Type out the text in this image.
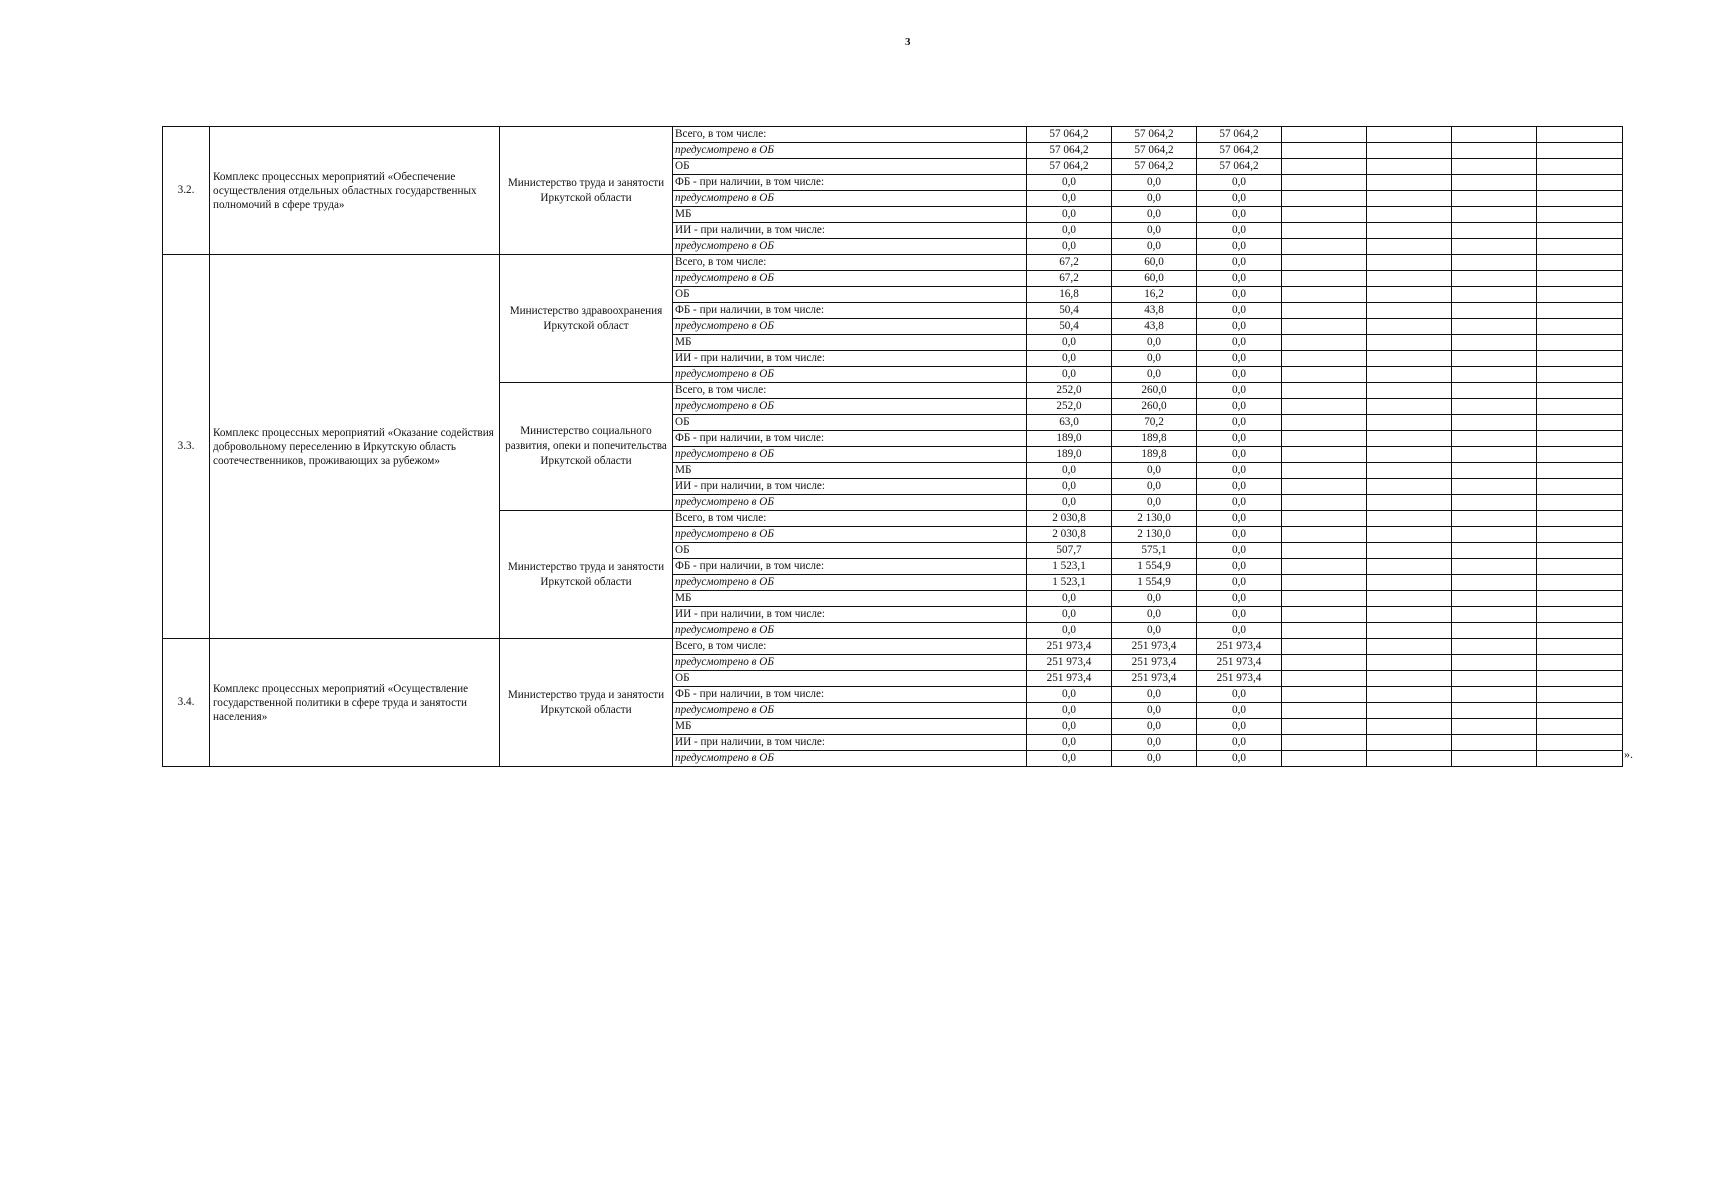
3
3.2.	Комплекс процессных мероприятий «Обеспечение осуществления отдельных областных государственных полномочий в сфере труда»	Министерство труда и занятости Иркутской области	Всего, в том числе:	57 064,2	57 064,2	57 064,2				
			предусмотрено в ОБ	57 064,2	57 064,2	57 064,2				
			ОБ	57 064,2	57 064,2	57 064,2				
			ФБ - при наличии, в том числе:	0,0	0,0	0,0				
			предусмотрено в ОБ	0,0	0,0	0,0				
			МБ	0,0	0,0	0,0				
			ИИ - при наличии, в том числе:	0,0	0,0	0,0				
			предусмотрено в ОБ	0,0	0,0	0,0				
3.3.	Комплекс процессных мероприятий «Оказание содействия добровольному переселению в Иркутскую область соотечественников, проживающих за рубежом»	Министерство здравоохранения Иркутской област	Всего, в том числе:	67,2	60,0	0,0				
			предусмотрено в ОБ	67,2	60,0	0,0				
			ОБ	16,8	16,2	0,0				
			ФБ - при наличии, в том числе:	50,4	43,8	0,0				
			предусмотрено в ОБ	50,4	43,8	0,0				
			МБ	0,0	0,0	0,0				
			ИИ - при наличии, в том числе:	0,0	0,0	0,0				
			предусмотрено в ОБ	0,0	0,0	0,0				
		Министерство социального развития, опеки и попечительства Иркутской области	Всего, в том числе:	252,0	260,0	0,0				
			предусмотрено в ОБ	252,0	260,0	0,0				
			ОБ	63,0	70,2	0,0				
			ФБ - при наличии, в том числе:	189,0	189,8	0,0				
			предусмотрено в ОБ	189,0	189,8	0,0				
			МБ	0,0	0,0	0,0				
			ИИ - при наличии, в том числе:	0,0	0,0	0,0				
			предусмотрено в ОБ	0,0	0,0	0,0				
		Министерство труда и занятости Иркутской области	Всего, в том числе:	2 030,8	2 130,0	0,0				
			предусмотрено в ОБ	2 030,8	2 130,0	0,0				
			ОБ	507,7	575,1	0,0				
			ФБ - при наличии, в том числе:	1 523,1	1 554,9	0,0				
			предусмотрено в ОБ	1 523,1	1 554,9	0,0				
			МБ	0,0	0,0	0,0				
			ИИ - при наличии, в том числе:	0,0	0,0	0,0				
			предусмотрено в ОБ	0,0	0,0	0,0				
3.4.	Комплекс процессных мероприятий «Осуществление государственной политики в сфере труда и занятости населения»	Министерство труда и занятости Иркутской области	Всего, в том числе:	251 973,4	251 973,4	251 973,4				
			предусмотрено в ОБ	251 973,4	251 973,4	251 973,4				
			ОБ	251 973,4	251 973,4	251 973,4				
			ФБ - при наличии, в том числе:	0,0	0,0	0,0				
			предусмотрено в ОБ	0,0	0,0	0,0				
			МБ	0,0	0,0	0,0				
			ИИ - при наличии, в том числе:	0,0	0,0	0,0				
			предусмотрено в ОБ	0,0	0,0	0,0					».
